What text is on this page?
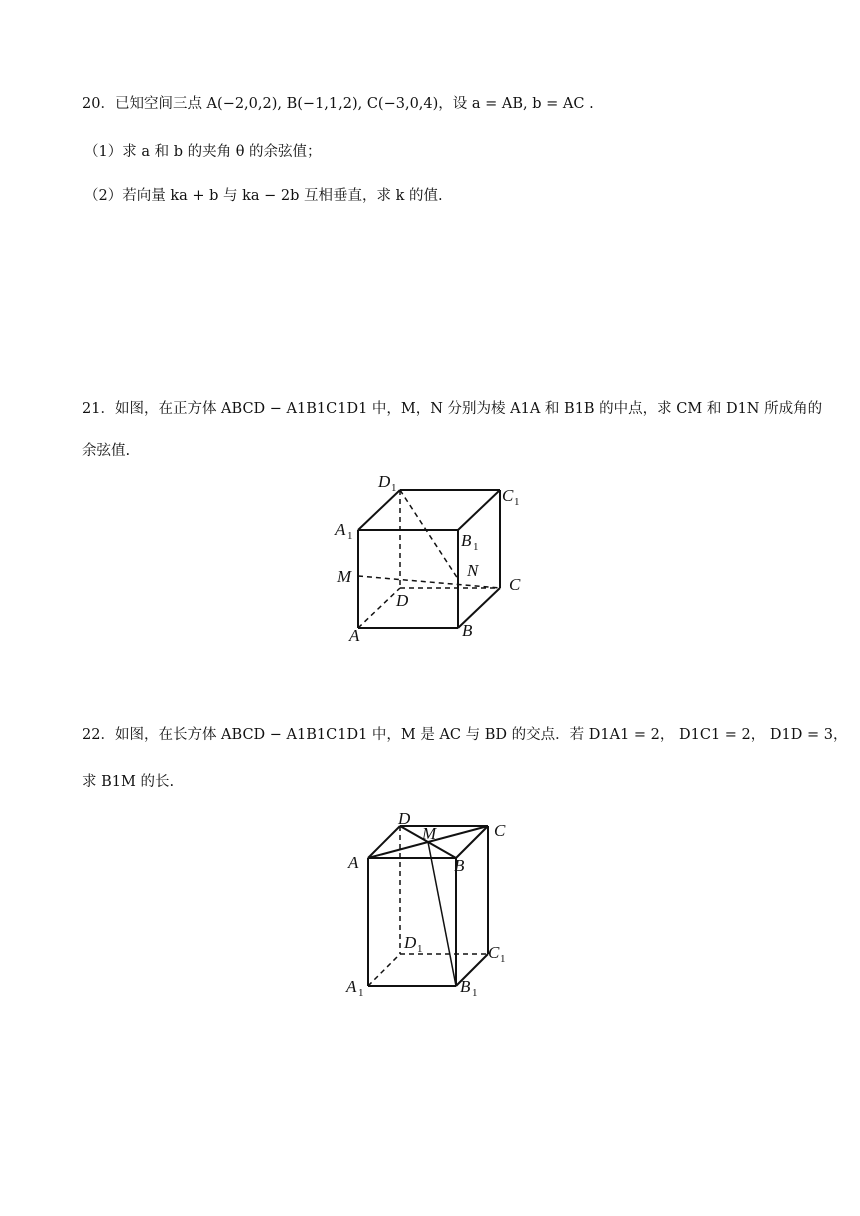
20．已知空间三点 A(−2,0,2), B(−1,1,2), C(−3,0,4)，设 a = AB, b = AC .
（1）求 a 和 b 的夹角 θ 的余弦值；
（2）若向量 ka + b 与 ka − 2b 互相垂直，求 k 的值.
21．如图，在正方体 ABCD − A1B1C1D1 中，M，N 分别为棱 A1A 和 B1B 的中点，求 CM 和 D1N 所成角的
余弦值.
D 1	C 1
A 1	B 1
M	N
C
D
A	B
22．如图，在长方体 ABCD − A1B1C1D1 中，M 是 AC 与 BD 的交点．若 D1A1 = 2， D1C1 = 2， D1D = 3，
求 B1M 的长.
D
M	C
A	B
D 1	C 1
A 1	B 1
